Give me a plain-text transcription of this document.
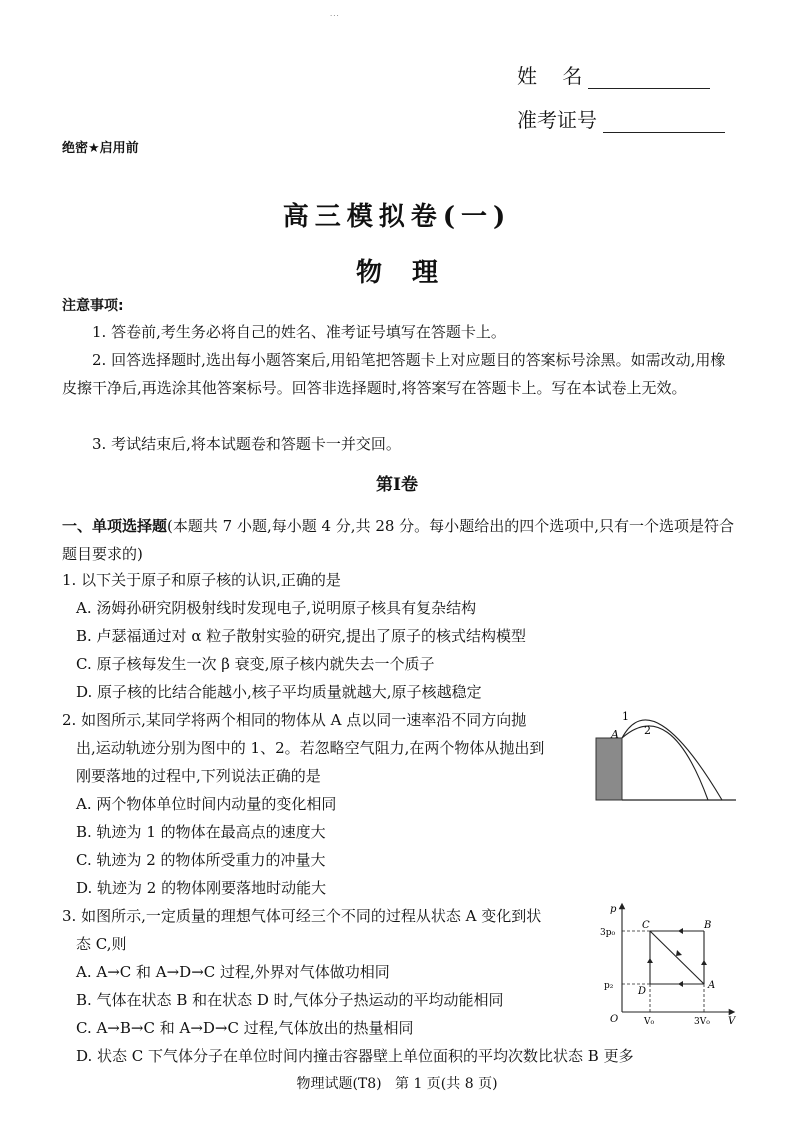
...
姓    名
准考证号
绝密★启用前
高三模拟卷(一)
物理
注意事项:
1. 答卷前,考生务必将自己的姓名、准考证号填写在答题卡上。
2. 回答选择题时,选出每小题答案后,用铅笔把答题卡上对应题目的答案标号涂黑。如需改动,用橡皮擦干净后,再选涂其他答案标号。回答非选择题时,将答案写在答题卡上。写在本试卷上无效。
3. 考试结束后,将本试题卷和答题卡一并交回。
第Ⅰ卷
一、单项选择题(本题共 7 小题,每小题 4 分,共 28 分。每小题给出的四个选项中,只有一个选项是符合题目要求的)
1. 以下关于原子和原子核的认识,正确的是
A. 汤姆孙研究阴极射线时发现电子,说明原子核具有复杂结构
B. 卢瑟福通过对 α 粒子散射实验的研究,提出了原子的核式结构模型
C. 原子核每发生一次 β 衰变,原子核内就失去一个质子
D. 原子核的比结合能越小,核子平均质量就越大,原子核越稳定
2. 如图所示,某同学将两个相同的物体从 A 点以同一速率沿不同方向抛
出,运动轨迹分别为图中的 1、2。若忽略空气阻力,在两个物体从抛出到
刚要落地的过程中,下列说法正确的是
A. 两个物体单位时间内动量的变化相同
B. 轨迹为 1 的物体在最高点的速度大
C. 轨迹为 2 的物体所受重力的冲量大
D. 轨迹为 2 的物体刚要落地时动能大
A
1
2
3. 如图所示,一定质量的理想气体可经三个不同的过程从状态 A 变化到状
态 C,则
A. A→C 和 A→D→C 过程,外界对气体做功相同
B. 气体在状态 B 和在状态 D 时,气体分子热运动的平均动能相同
C. A→B→C 和 A→D→C 过程,气体放出的热量相同
D. 状态 C 下气体分子在单位时间内撞击容器壁上单位面积的平均次数比状态 B 更多
p
V
O
3p₀
p₂
V₀	3V₀
A
B
C
D
物理试题(T8)   第 1 页(共 8 页)
